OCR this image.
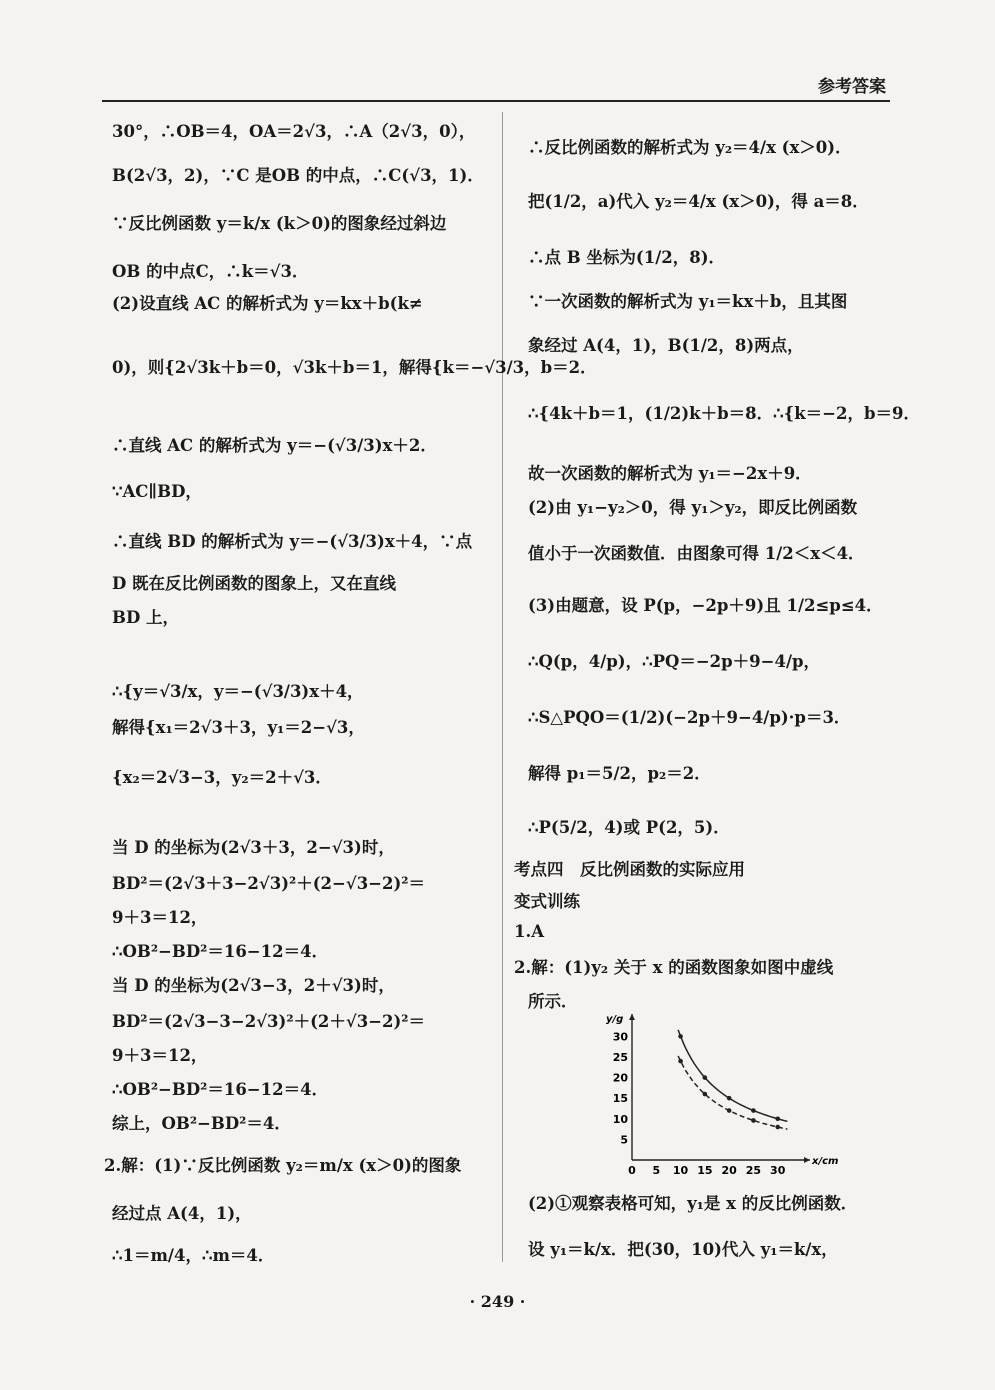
参考答案
30°，∴OB＝4，OA＝2√3，∴A（2√3，0），
B(2√3，2)，∵C 是OB 的中点，∴C(√3，1)．
∵反比例函数 y＝k/x (k＞0)的图象经过斜边
OB 的中点C，∴k＝√3．
(2)设直线 AC 的解析式为 y＝kx＋b(k≠
0)，则{2√3k＋b＝0，√3k＋b＝1，解得{k＝−√3/3，b＝2．
∴直线 AC 的解析式为 y＝−(√3/3)x＋2．
∵AC∥BD，
∴直线 BD 的解析式为 y＝−(√3/3)x＋4，∵点
D 既在反比例函数的图象上，又在直线
BD 上，
∴{y＝√3/x，y＝−(√3/3)x＋4，
解得{x₁＝2√3＋3，y₁＝2−√3，
{x₂＝2√3−3，y₂＝2＋√3．
当 D 的坐标为(2√3＋3，2−√3)时，
BD²＝(2√3＋3−2√3)²＋(2−√3−2)²＝
9＋3＝12，
∴OB²−BD²＝16−12＝4．
当 D 的坐标为(2√3−3，2＋√3)时，
BD²＝(2√3−3−2√3)²＋(2＋√3−2)²＝
9＋3＝12，
∴OB²−BD²＝16−12＝4．
综上，OB²−BD²＝4．
2.解：(1)∵反比例函数 y₂＝m/x (x＞0)的图象
经过点 A(4，1)，
∴1＝m/4，∴m＝4．
∴反比例函数的解析式为 y₂＝4/x (x＞0)．
把(1/2，a)代入 y₂＝4/x (x＞0)，得 a＝8．
∴点 B 坐标为(1/2，8)．
∵一次函数的解析式为 y₁＝kx＋b，且其图
象经过 A(4，1)，B(1/2，8)两点，
∴{4k＋b＝1，(1/2)k＋b＝8．∴{k＝−2，b＝9．
故一次函数的解析式为 y₁＝−2x＋9．
(2)由 y₁−y₂＞0，得 y₁＞y₂，即反比例函数
值小于一次函数值．由图象可得 1/2＜x＜4．
(3)由题意，设 P(p，−2p＋9)且 1/2≤p≤4．
∴Q(p，4/p)，∴PQ＝−2p＋9−4/p，
∴S△PQO＝(1/2)(−2p＋9−4/p)·p＝3．
解得 p₁＝5/2，p₂＝2．
∴P(5/2，4)或 P(2，5)．
考点四　反比例函数的实际应用
变式训练
1.A
2.解：(1)y₂ 关于 x 的函数图象如图中虚线
所示．
(2)①观察表格可知，y₁是 x 的反比例函数．
设 y₁＝k/x．把(30，10)代入 y₁＝k/x，
0 5 10 15 20 25 30
5
10
15
20
25
30
x/cm
y/g
· 249 ·
